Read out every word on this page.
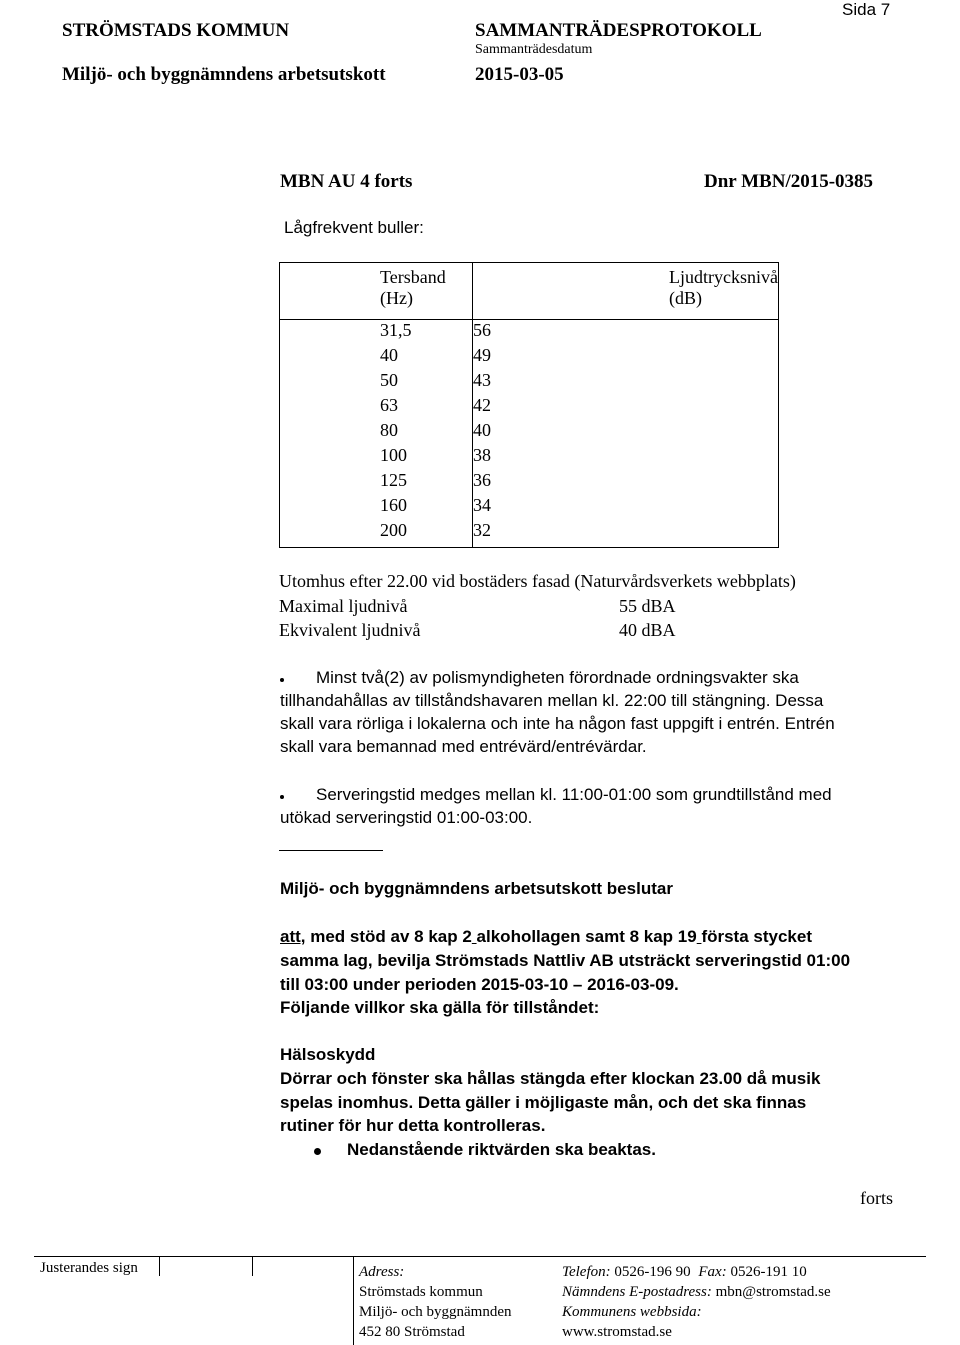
Sida 7
STRÖMSTADS KOMMUN	SAMMANTRÄDESPROTOKOLL
Sammanträdesdatum
Miljö- och byggnämndens arbetsutskott	2015-03-05
MBN AU 4 forts	Dnr MBN/2015-0385
Lågfrekvent buller:
Tersband
(Hz)	Ljudtrycksnivå (dB)
31,5	56
40	49
50	43
63	42
80	40
100	38
125	36
160	34
200	32
Utomhus efter 22.00 vid bostäders fasad (Naturvårdsverkets webbplats)
Maximal ljudnivå	55 dBA
Ekvivalent ljudnivå	40 dBA
Minst två(2) av polismyndigheten förordnade ordningsvakter ska
tillhandahållas av tillståndshavaren mellan kl. 22:00 till stängning. Dessa
skall vara rörliga i lokalerna och inte ha någon fast uppgift i entrén. Entrén
skall vara bemannad med entrévärd/entrévärdar.
Serveringstid medges mellan kl. 11:00-01:00 som grundtillstånd med
utökad serveringstid 01:00-03:00.
Miljö- och byggnämndens arbetsutskott beslutar
att, med stöd av 8 kap 2 alkohollagen samt 8 kap 19 första stycket
samma lag, bevilja Strömstads Nattliv AB utsträckt serveringstid 01:00
till 03:00 under perioden 2015-03-10 – 2016-03-09.
Följande villkor ska gälla för tillståndet:
Hälsoskydd
Dörrar och fönster ska hållas stängda efter klockan 23.00 då musik
spelas inomhus. Detta gäller i möjligaste mån, och det ska finnas
rutiner för hur detta kontrolleras.
Nedanstående riktvärden ska beaktas.
forts
Justerandes sign	Adress:
Strömstads kommun
Miljö- och byggnämnden
452 80 Strömstad
Telefon: 0526-196 90 Fax: 0526-191 10
Nämndens E-postadress: mbn@stromstad.se
Kommunens webbsida:
www.stromstad.se
